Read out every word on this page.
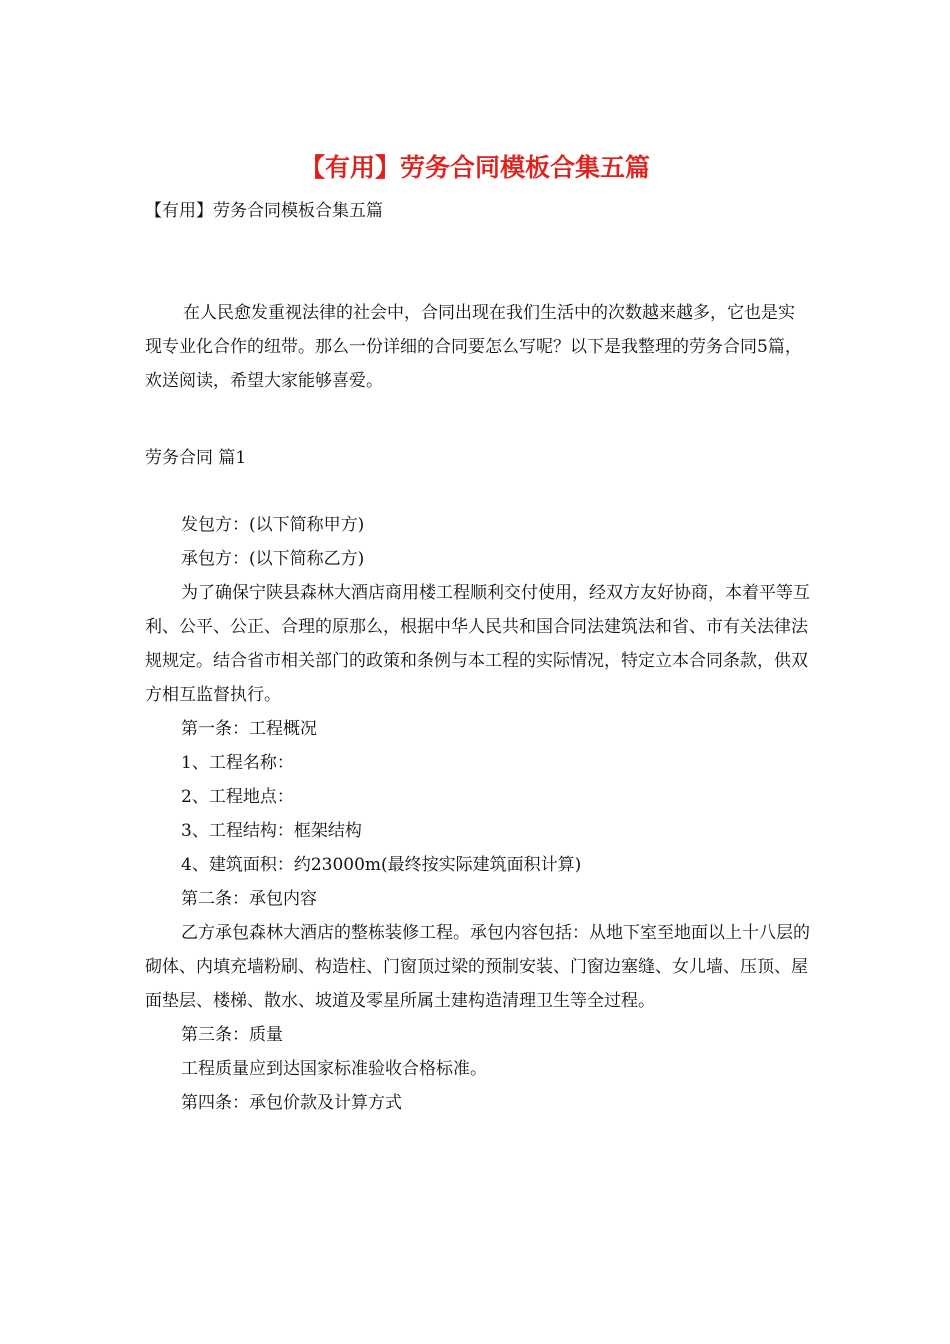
【有用】劳务合同模板合集五篇
【有用】劳务合同模板合集五篇

在人民愈发重视法律的社会中，合同出现在我们生活中的次数越来越多，它也是实现专业化合作的纽带。那么一份详细的合同要怎么写呢？以下是我整理的劳务合同5篇，欢送阅读，希望大家能够喜爱。

劳务合同 篇1

发包方：(以下简称甲方)

承包方：(以下简称乙方)

为了确保宁陕县森林大酒店商用楼工程顺利交付使用，经双方友好协商，本着平等互利、公平、公正、合理的原那么，根据中华人民共和国合同法建筑法和省、市有关法律法规规定。结合省市相关部门的政策和条例与本工程的实际情况，特定立本合同条款，供双方相互监督执行。

第一条：工程概况

1、工程名称：

2、工程地点：

3、工程结构：框架结构

4、建筑面积：约23000m(最终按实际建筑面积计算)

第二条：承包内容

乙方承包森林大酒店的整栋装修工程。承包内容包括：从地下室至地面以上十八层的砌体、内填充墙粉刷、构造柱、门窗顶过梁的预制安装、门窗边塞缝、女儿墙、压顶、屋面垫层、楼梯、散水、坡道及零星所属土建构造清理卫生等全过程。

第三条：质量

工程质量应到达国家标准验收合格标准。

第四条：承包价款及计算方式
